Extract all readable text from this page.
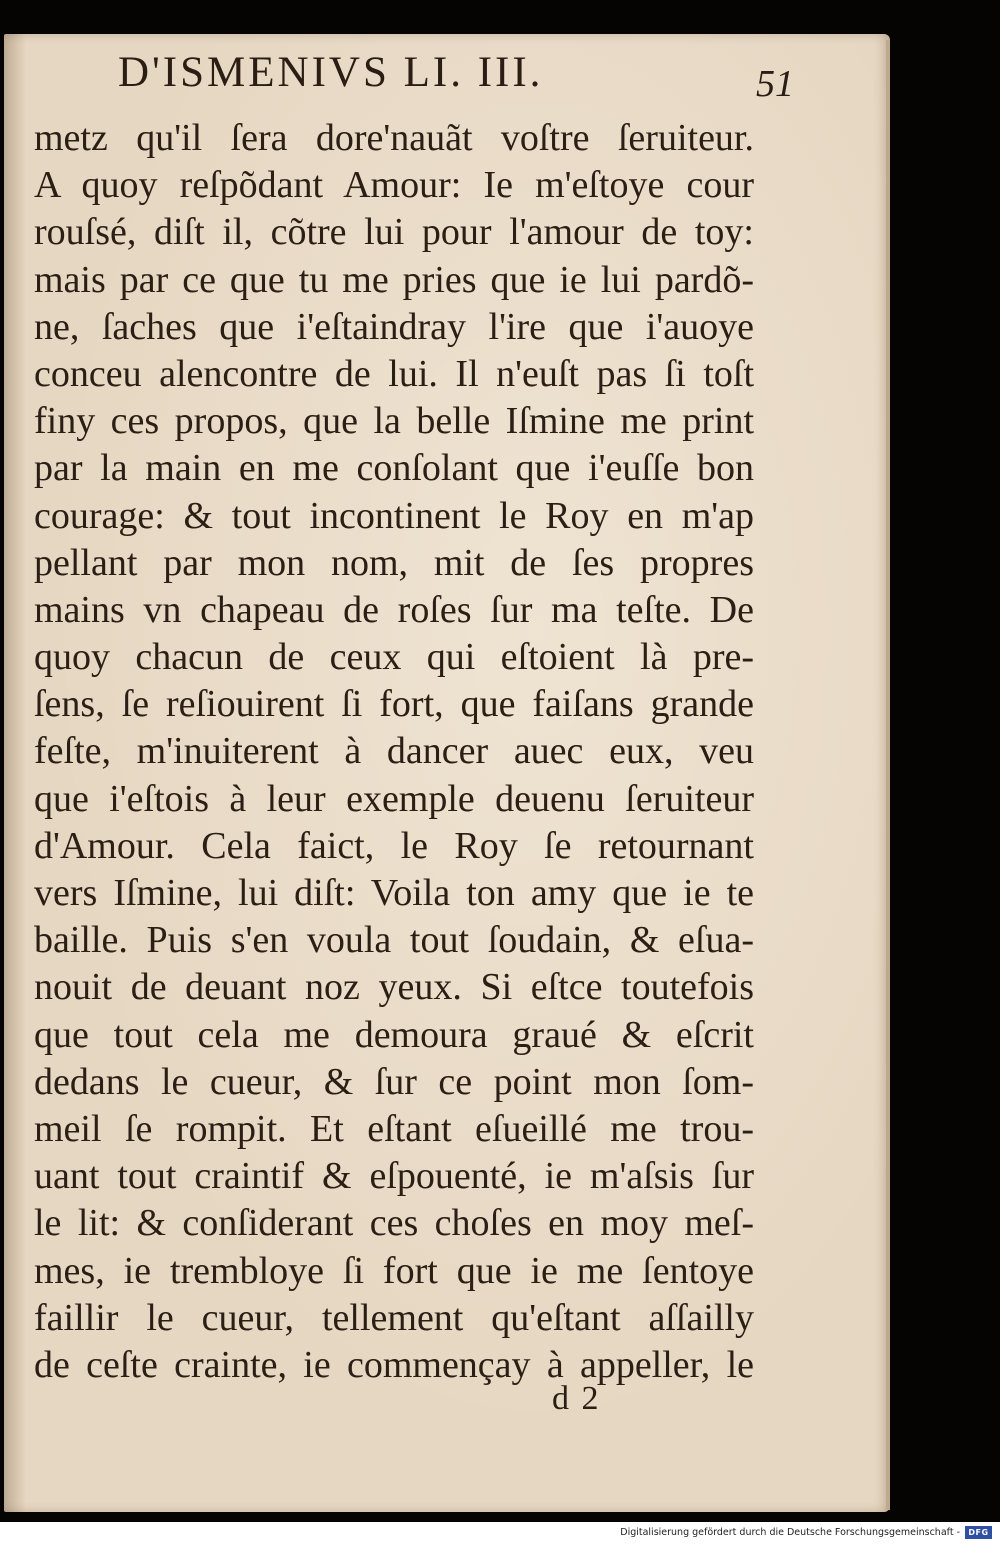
D'ISMENIVS LI. III.	51
metz qu'il ſera dore'nauãt voſtre ſeruiteur.
A quoy reſpõdant Amour: Ie m'eſtoye cour
rouſsé, diſt il, cõtre lui pour l'amour de toy:
mais par ce que tu me pries que ie lui pardõ-
ne, ſaches que i'eſtaindray l'ire que i'auoye
conceu alencontre de lui. Il n'euſt pas ſi toſt
finy ces propos, que la belle Iſmine me print
par la main en me conſolant que i'euſſe bon
courage: & tout incontinent le Roy en m'ap
pellant par mon nom, mit de ſes propres
mains vn chapeau de roſes ſur ma teſte. De
quoy chacun de ceux qui eſtoient là pre-
ſens, ſe reſiouirent ſi fort, que faiſans grande
feſte, m'inuiterent à dancer auec eux, veu
que i'eſtois à leur exemple deuenu ſeruiteur
d'Amour. Cela faict, le Roy ſe retournant
vers Iſmine, lui diſt: Voila ton amy que ie te
baille. Puis s'en voula tout ſoudain, & eſua-
nouit de deuant noz yeux. Si eſtce toutefois
que tout cela me demoura graué & eſcrit
dedans le cueur, & ſur ce point mon ſom-
meil ſe rompit. Et eſtant eſueillé me trou-
uant tout craintif & eſpouenté, ie m'aſsis ſur
le lit: & conſiderant ces choſes en moy meſ-
mes, ie trembloye ſi fort que ie me ſentoye
faillir le cueur, tellement qu'eſtant aſſailly
de ceſte crainte, ie commençay à appeller, le
d 2
Digitalisierung gefördert durch die Deutsche Forschungsgemeinschaft -	DFG
